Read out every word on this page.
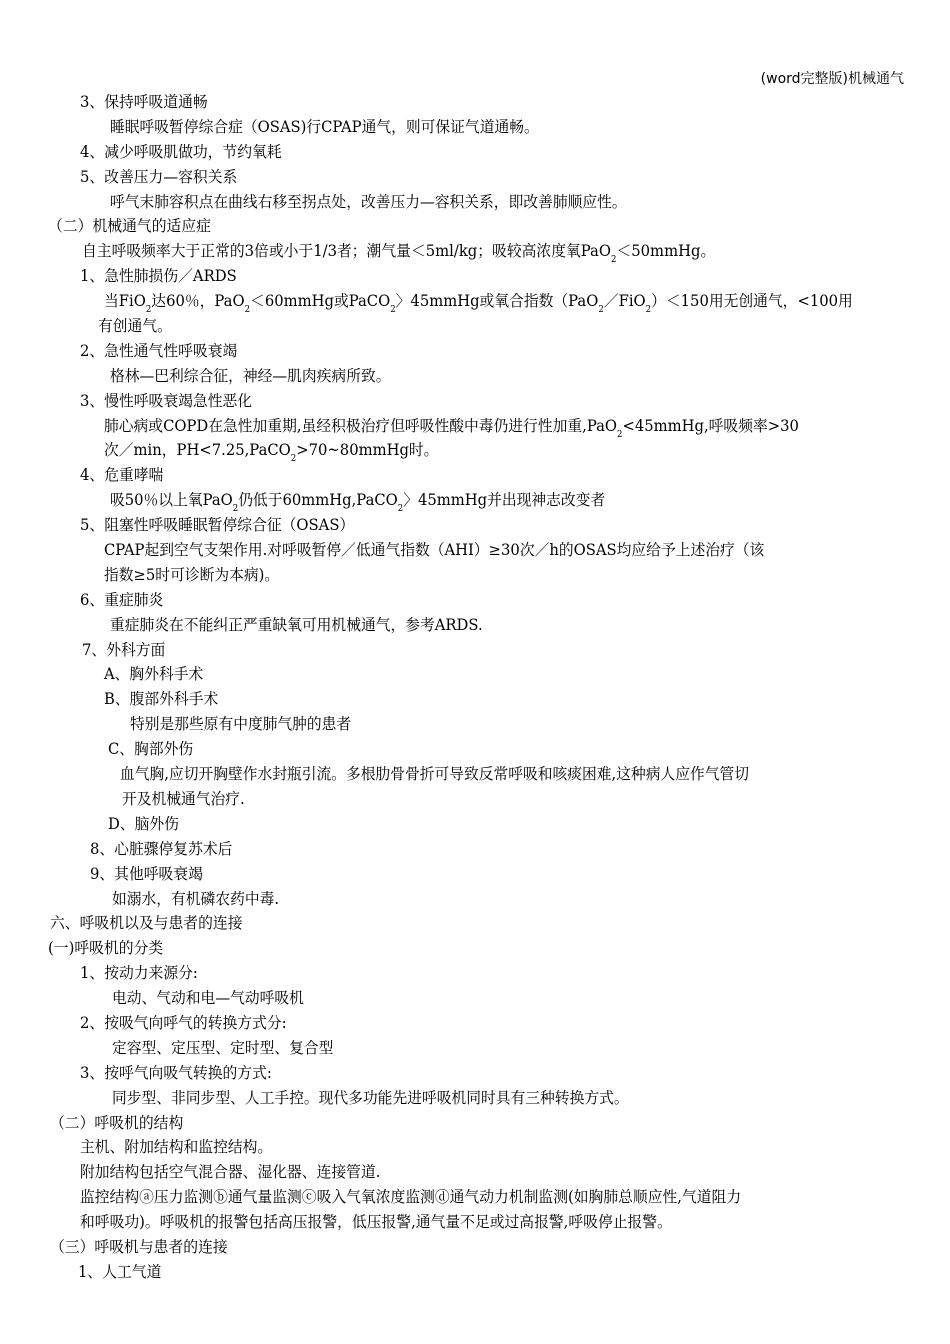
(word完整版)机械通气
3、保持呼吸道通畅
睡眠呼吸暂停综合症（OSAS)行CPAP通气，则可保证气道通畅。
4、减少呼吸肌做功，节约氧耗
5、改善压力—容积关系
呼气末肺容积点在曲线右移至拐点处，改善压力—容积关系，即改善肺顺应性。
（二）机械通气的适应症
自主呼吸频率大于正常的3倍或小于1/3者；潮气量＜5ml/kg；吸较高浓度氧PaO2＜50mmHg。
1、急性肺损伤／ARDS
当FiO2达60％，PaO2＜60mmHg或PaCO2〉45mmHg或氧合指数（PaO2／FiO2）＜150用无创通气，<100用
有创通气。
2、急性通气性呼吸衰竭
格林—巴利综合征，神经—肌肉疾病所致。
3、慢性呼吸衰竭急性恶化
肺心病或COPD在急性加重期,虽经积极治疗但呼吸性酸中毒仍进行性加重,PaO2<45mmHg,呼吸频率>30
次／min，PH<7.25,PaCO2>70~80mmHg时。
4、危重哮喘
吸50％以上氧PaO2仍低于60mmHg,PaCO2〉45mmHg并出现神志改变者
5、阻塞性呼吸睡眠暂停综合征（OSAS）
CPAP起到空气支架作用.对呼吸暂停／低通气指数（AHI）≥30次／h的OSAS均应给予上述治疗（该
指数≥5时可诊断为本病)。
6、重症肺炎
重症肺炎在不能纠正严重缺氧可用机械通气，参考ARDS.
7、外科方面
A、胸外科手术
B、腹部外科手术
特别是那些原有中度肺气肿的患者
C、胸部外伤
血气胸,应切开胸壁作水封瓶引流。多根肋骨骨折可导致反常呼吸和咳痰困难,这种病人应作气管切
开及机械通气治疗.
D、脑外伤
8、心脏骤停复苏术后
9、其他呼吸衰竭
如溺水，有机磷农药中毒.
六、呼吸机以及与患者的连接
(一)呼吸机的分类
1、按动力来源分:
电动、气动和电—气动呼吸机
2、按吸气向呼气的转换方式分:
定容型、定压型、定时型、复合型
3、按呼气向吸气转换的方式:
同步型、非同步型、人工手控。现代多功能先进呼吸机同时具有三种转换方式。
（二）呼吸机的结构
主机、附加结构和监控结构。
附加结构包括空气混合器、湿化器、连接管道.
监控结构ⓐ压力监测ⓑ通气量监测ⓒ吸入气氧浓度监测ⓓ通气动力机制监测(如胸肺总顺应性,气道阻力
和呼吸功)。呼吸机的报警包括高压报警，低压报警,通气量不足或过高报警,呼吸停止报警。
（三）呼吸机与患者的连接
1、人工气道
